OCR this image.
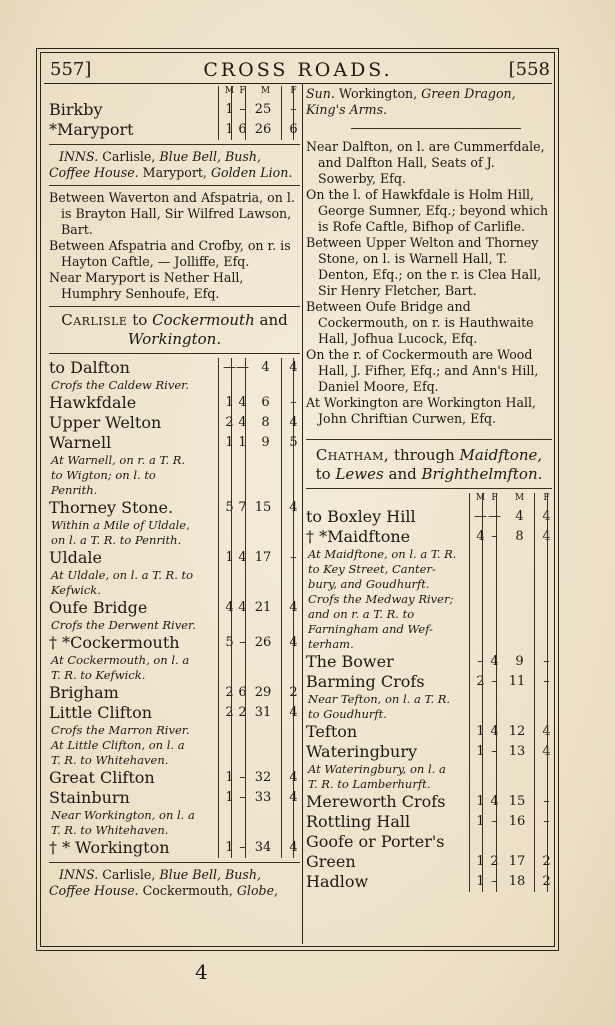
557]	CROSS ROADS.	[558
M F	M	F
Birkby	1 – 25 –
*Maryport	1 6 26 6
INNS. Carlisle, Blue Bell, Bush, Coffee House. Maryport, Golden Lion.
Between Waverton and Afspatria, on l. is Brayton Hall, Sir Wilfred Lawson, Bart.
Between Afspatria and Crofby, on r. is Hayton Caftle, — Jolliffe, Efq.
Near Maryport is Nether Hall, Humphry Senhoufe, Efq.
Carlisle to Cockermouth and
Workington.
to Dalfton	— — 4 4
Crofs the Caldew River.
Hawkfdale	1 4 6 –
Upper Welton	2 4 8 4
Warnell	1 1 9 5
At Warnell, on r. a T. R.
to Wigton; on l. to
Penrith.
Thorney Stone.	5 7 15 4
Within a Mile of Uldale,
on l. a T. R. to Penrith.
Uldale	1 4 17 –
At Uldale, on l. a T. R. to
Kefwick.
Oufe Bridge	4 4 21 4
Crofs the Derwent River.
† *Cockermouth	5 – 26 4
At Cockermouth, on l. a
T. R. to Kefwick.
Brigham	2 6 29 2
Little Clifton	2 2 31 4
Crofs the Marron River.
At Little Clifton, on l. a
T. R. to Whitehaven.
Great Clifton	1 – 32 4
Stainburn	1 – 33 4
Near Workington, on l. a
T. R. to Whitehaven.
† * Workington	1 – 34 4
INNS. Carlisle, Blue Bell, Bush, Coffee House. Cockermouth, Globe,
Sun. Workington, Green Dragon, King's Arms.
Near Dalfton, on l. are Cummerfdale, and Dalfton Hall, Seats of J. Sowerby, Efq.
On the l. of Hawkfdale is Holm Hill, George Sumner, Efq.; beyond which is Rofe Caftle, Bifhop of Carlifle.
Between Upper Welton and Thorney Stone, on l. is Warnell Hall, T. Denton, Efq.; on the r. is Clea Hall, Sir Henry Fletcher, Bart.
Between Oufe Bridge and Cockermouth, on r. is Hauthwaite Hall, Jofhua Lucock, Efq.
On the r. of Cockermouth are Wood Hall, J. Fifher, Efq.; and Ann's Hill, Daniel Moore, Efq.
At Workington are Workington Hall, John Chriftian Curwen, Efq.
Chatham, through Maidftone,
to Lewes and Brighthelmfton.
M F	M	F
to Boxley Hill	— — 4 4
† *Maidftone	4 – 8 4
At Maidftone, on l. a T. R.
to Key Street, Canter-
bury, and Goudhurft.
Crofs the Medway River;
and on r. a T. R. to
Farningham and Wef-
terham.
The Bower	– 4 9 –
Barming Crofs	2 – 11 –
Near Tefton, on l. a T. R.
to Goudhurft.
Tefton	1 4 12 4
Wateringbury	1 – 13 4
At Wateringbury, on l. a
T. R. to Lamberhurft.
Mereworth Crofs	1 4 15 –
Rottling Hall	1 – 16 –
Goofe or Porter's
Green	1 2 17 2
Hadlow	1 – 18 2
4
